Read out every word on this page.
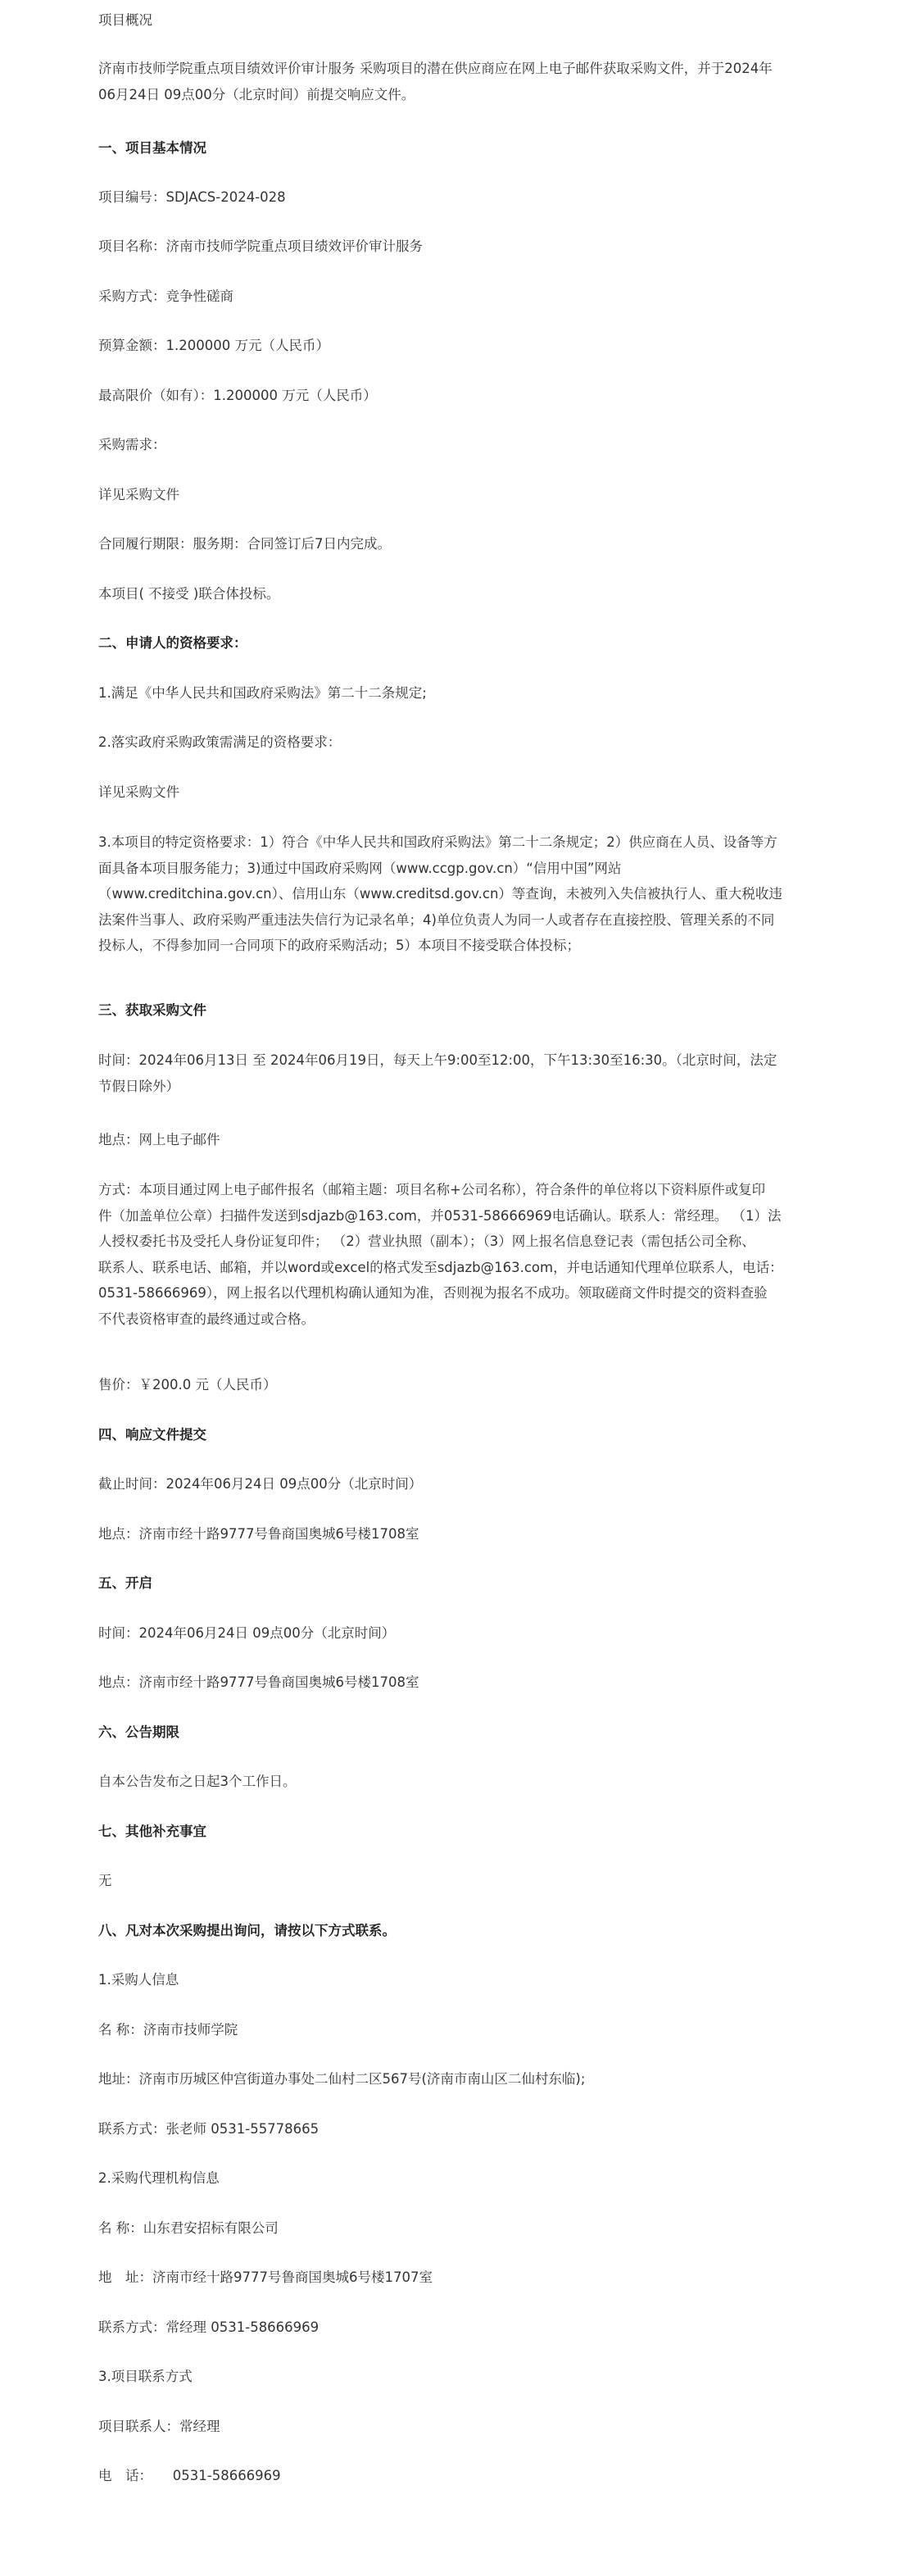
项目概况
济南市技师学院重点项目绩效评价审计服务 采购项目的潜在供应商应在网上电子邮件获取采购文件，并于2024年
06月24日 09点00分（北京时间）前提交响应文件。
一、项目基本情况
项目编号：SDJACS-2024-028
项目名称：济南市技师学院重点项目绩效评价审计服务
采购方式：竞争性磋商
预算金额：1.200000 万元（人民币）
最高限价（如有）：1.200000 万元（人民币）
采购需求：
详见采购文件
合同履行期限：服务期：合同签订后7日内完成。
本项目( 不接受 )联合体投标。
二、申请人的资格要求：
1.满足《中华人民共和国政府采购法》第二十二条规定;
2.落实政府采购政策需满足的资格要求：
详见采购文件
3.本项目的特定资格要求：1）符合《中华人民共和国政府采购法》第二十二条规定；2）供应商在人员、设备等方
面具备本项目服务能力；3)通过中国政府采购网（www.ccgp.gov.cn）“信用中国”网站
（www.creditchina.gov.cn）、信用山东（www.creditsd.gov.cn）等查询，未被列入失信被执行人、重大税收违
法案件当事人、政府采购严重违法失信行为记录名单；4)单位负责人为同一人或者存在直接控股、管理关系的不同
投标人，不得参加同一合同项下的政府采购活动；5）本项目不接受联合体投标；
三、获取采购文件
时间：2024年06月13日 至 2024年06月19日，每天上午9:00至12:00，下午13:30至16:30。（北京时间，法定
节假日除外）
地点：网上电子邮件
方式：本项目通过网上电子邮件报名（邮箱主题：项目名称+公司名称），符合条件的单位将以下资料原件或复印
件（加盖单位公章）扫描件发送到sdjazb@163.com，并0531-58666969电话确认。联系人：常经理。 （1）法
人授权委托书及受托人身份证复印件； （2）营业执照（副本）；（3）网上报名信息登记表（需包括公司全称、
联系人、联系电话、邮箱，并以word或excel的格式发至sdjazb@163.com，并电话通知代理单位联系人，电话：
0531-58666969），网上报名以代理机构确认通知为准，否则视为报名不成功。领取磋商文件时提交的资料查验
不代表资格审查的最终通过或合格。
售价：￥200.0 元（人民币）
四、响应文件提交
截止时间：2024年06月24日 09点00分（北京时间）
地点：济南市经十路9777号鲁商国奥城6号楼1708室
五、开启
时间：2024年06月24日 09点00分（北京时间）
地点：济南市经十路9777号鲁商国奥城6号楼1708室
六、公告期限
自本公告发布之日起3个工作日。
七、其他补充事宜
无
八、凡对本次采购提出询问，请按以下方式联系。
1.采购人信息
名 称：济南市技师学院
地址：济南市历城区仲宫街道办事处二仙村二区567号(济南市南山区二仙村东临);
联系方式：张老师 0531-55778665
2.采购代理机构信息
名 称：山东君安招标有限公司
地　址：济南市经十路9777号鲁商国奥城6号楼1707室
联系方式：常经理 0531-58666969
3.项目联系方式
项目联系人：常经理
电　话：　　0531-58666969
